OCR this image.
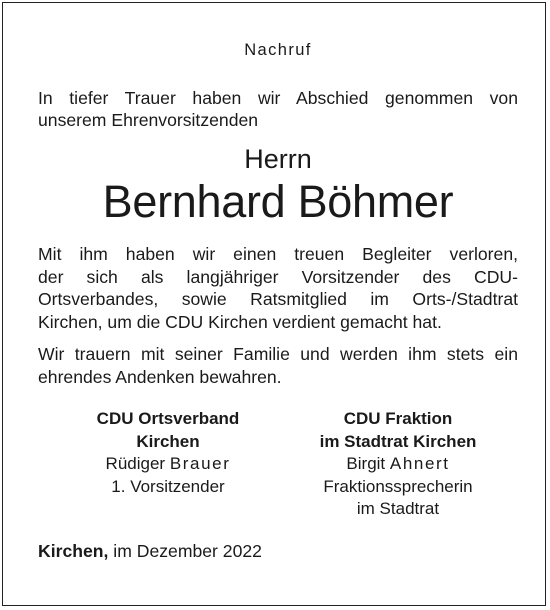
Nachruf
In tiefer Trauer haben wir Abschied genommen von
unserem Ehrenvorsitzenden
Herrn
Bernhard Böhmer
Mit ihm haben wir einen treuen Begleiter verloren,
der sich als langjähriger Vorsitzender des CDU-
Ortsverbandes, sowie Ratsmitglied im Orts-/Stadtrat
Kirchen, um die CDU Kirchen verdient gemacht hat.
Wir trauern mit seiner Familie und werden ihm stets ein
ehrendes Andenken bewahren.
CDU Ortsverband
Kirchen
Rüdiger Brauer
1. Vorsitzender
CDU Fraktion
im Stadtrat Kirchen
Birgit Ahnert
Fraktionssprecherin
im Stadtrat
Kirchen, im Dezember 2022
